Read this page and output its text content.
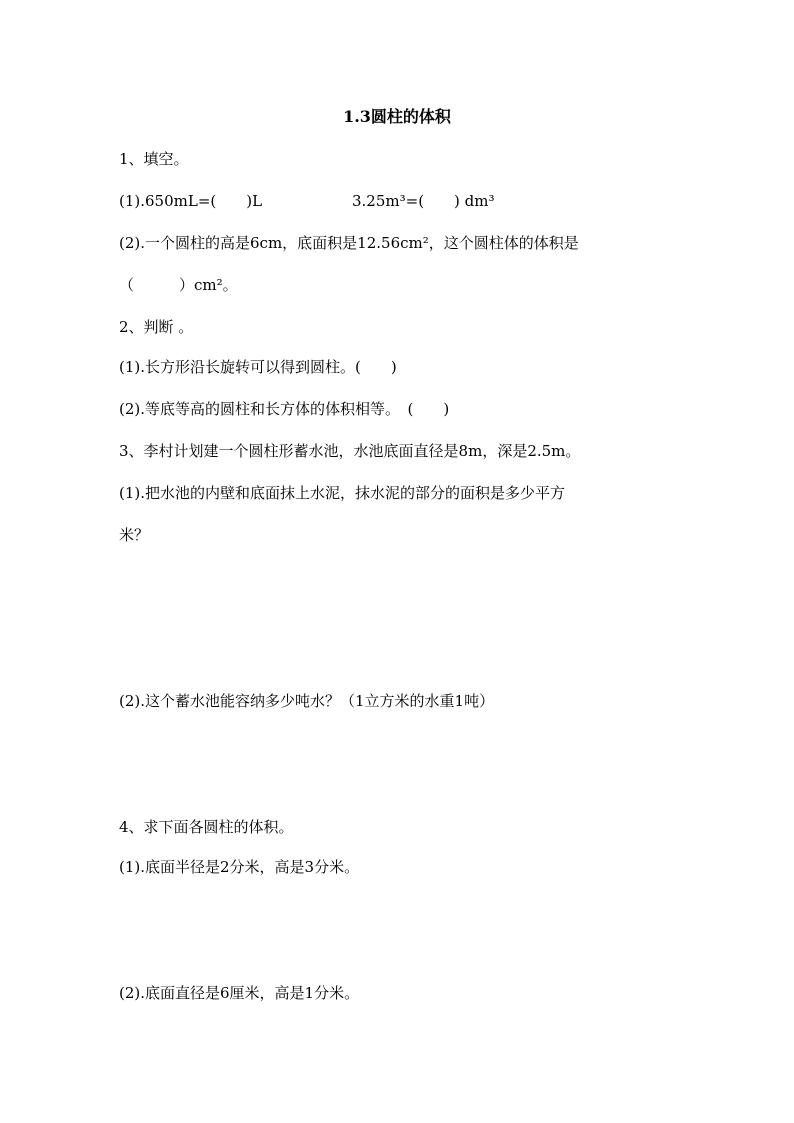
1.3圆柱的体积
1、填空。
(1).650mL=(　　)L	3.25m³=(　　) dm³
(2).一个圆柱的高是6cm，底面积是12.56cm²，这个圆柱体的体积是
（　　　）cm²。
2、判断 。
(1).长方形沿长旋转可以得到圆柱。(　　)
(2).等底等高的圆柱和长方体的体积相等。　(　　)
3、李村计划建一个圆柱形蓄水池，水池底面直径是8m，深是2.5m。
(1).把水池的内壁和底面抹上水泥，抹水泥的部分的面积是多少平方
米？
(2).这个蓄水池能容纳多少吨水？（1立方米的水重1吨）
4、求下面各圆柱的体积。
(1).底面半径是2分米，高是3分米。
(2).底面直径是6厘米，高是1分米。
